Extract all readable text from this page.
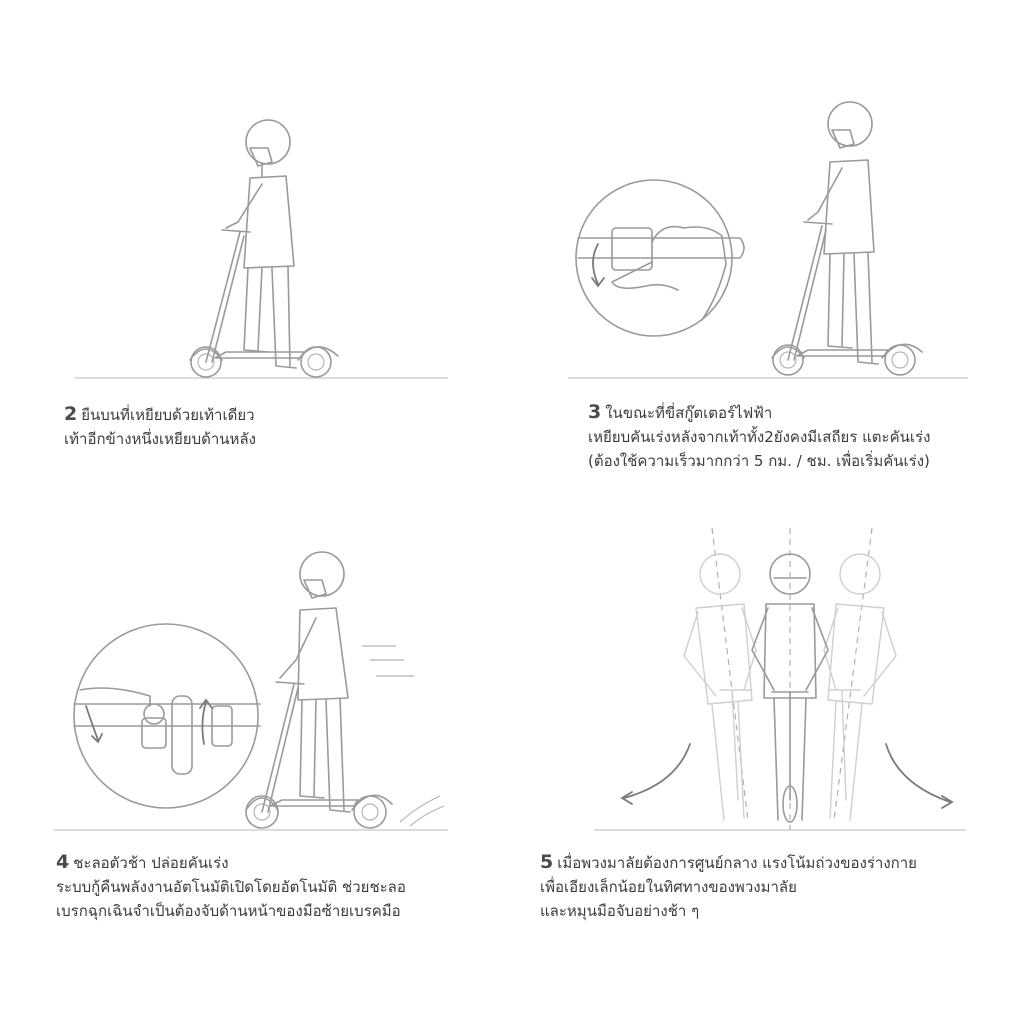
2 ยืนบนที่เหยียบด้วยเท้าเดียว
เท้าอีกข้างหนึ่งเหยียบด้านหลัง
3 ในขณะที่ขี่สกู๊ตเตอร์ไฟฟ้า
เหยียบคันเร่งหลังจากเท้าทั้ง2ยังคงมีเสถียร แตะคันเร่ง
(ต้องใช้ความเร็วมากกว่า 5 กม. / ชม. เพื่อเริ่มคันเร่ง)
4 ชะลอตัวช้า ปล่อยคันเร่ง
ระบบกู้คืนพลังงานอัตโนมัติเปิดโดยอัตโนมัติ ช่วยชะลอ
เบรกฉุกเฉินจำเป็นต้องจับด้านหน้าของมือซ้ายเบรคมือ
5 เมื่อพวงมาลัยต้องการศูนย์กลาง แรงโน้มถ่วงของร่างกาย
เพื่อเอียงเล็กน้อยในทิศทางของพวงมาลัย
และหมุนมือจับอย่างช้า ๆ
